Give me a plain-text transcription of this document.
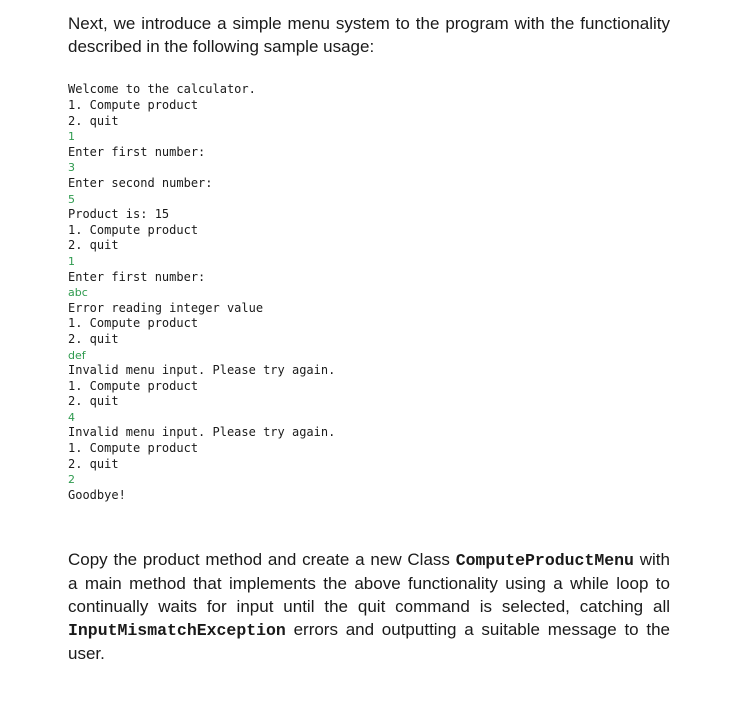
Next, we introduce a simple menu system to the program with the functionality described in the following sample usage:

Welcome to the calculator.
1. Compute product
2. quit
1
Enter first number:
3
Enter second number:
5
Product is: 15
1. Compute product
2. quit
1
Enter first number:
abc
Error reading integer value
1. Compute product
2. quit
def
Invalid menu input. Please try again.
1. Compute product
2. quit
4
Invalid menu input. Please try again.
1. Compute product
2. quit
2
Goodbye!

Copy the product method and create a new Class ComputeProductMenu with a main method that implements the above functionality using a while loop to continually waits for input until the quit command is selected, catching all InputMismatchException errors and outputting a suitable message to the user.
